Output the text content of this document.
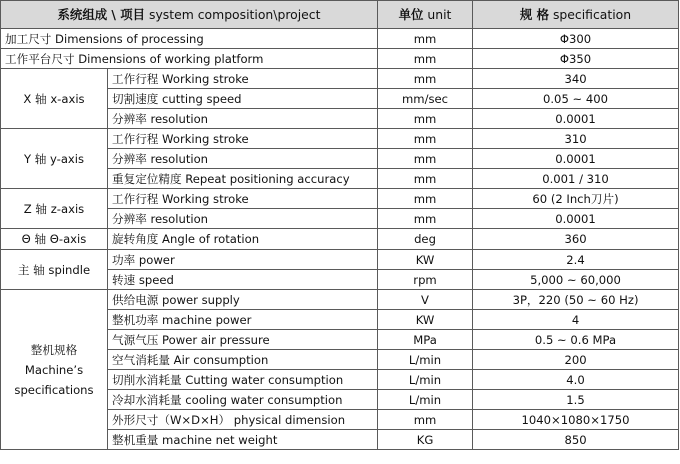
系统组成 \ 项目 system composition\project		单位 unit	规 格 specification
加工尺寸 Dimensions of processing		mm	Φ300
工作平台尺寸 Dimensions of working platform		mm	Φ350
X 轴 x-axis	工作行程 Working stroke	mm	340
	切割速度 cutting speed	mm/sec	0.05 ~ 400
	分辨率 resolution	mm	0.0001
Y 轴 y-axis	工作行程 Working stroke	mm	310
	分辨率 resolution	mm	0.0001
	重复定位精度 Repeat positioning accuracy	mm	0.001 / 310
Z 轴 z-axis	工作行程 Working stroke	mm	60 (2 Inch刀片)
	分辨率 resolution	mm	0.0001
Θ 轴 Θ-axis	旋转角度 Angle of rotation	deg	360
主 轴 spindle	功率 power	KW	2.4
	转速 speed	rpm	5,000 ~ 60,000

整机规格
Machine’s
specifications	供给电源 power supply	V	3P，220 (50 ~ 60 Hz)
	整机功率 machine power	KW	4
	气源气压 Power air pressure	MPa	0.5 ~ 0.6 MPa
	空气消耗量 Air consumption	L/min	200
	切削水消耗量 Cutting water consumption	L/min	4.0
	冷却水消耗量 cooling water consumption	L/min	1.5
	外形尺寸（W×D×H） physical dimension	mm	1040×1080×1750
	整机重量 machine net weight	KG	850
